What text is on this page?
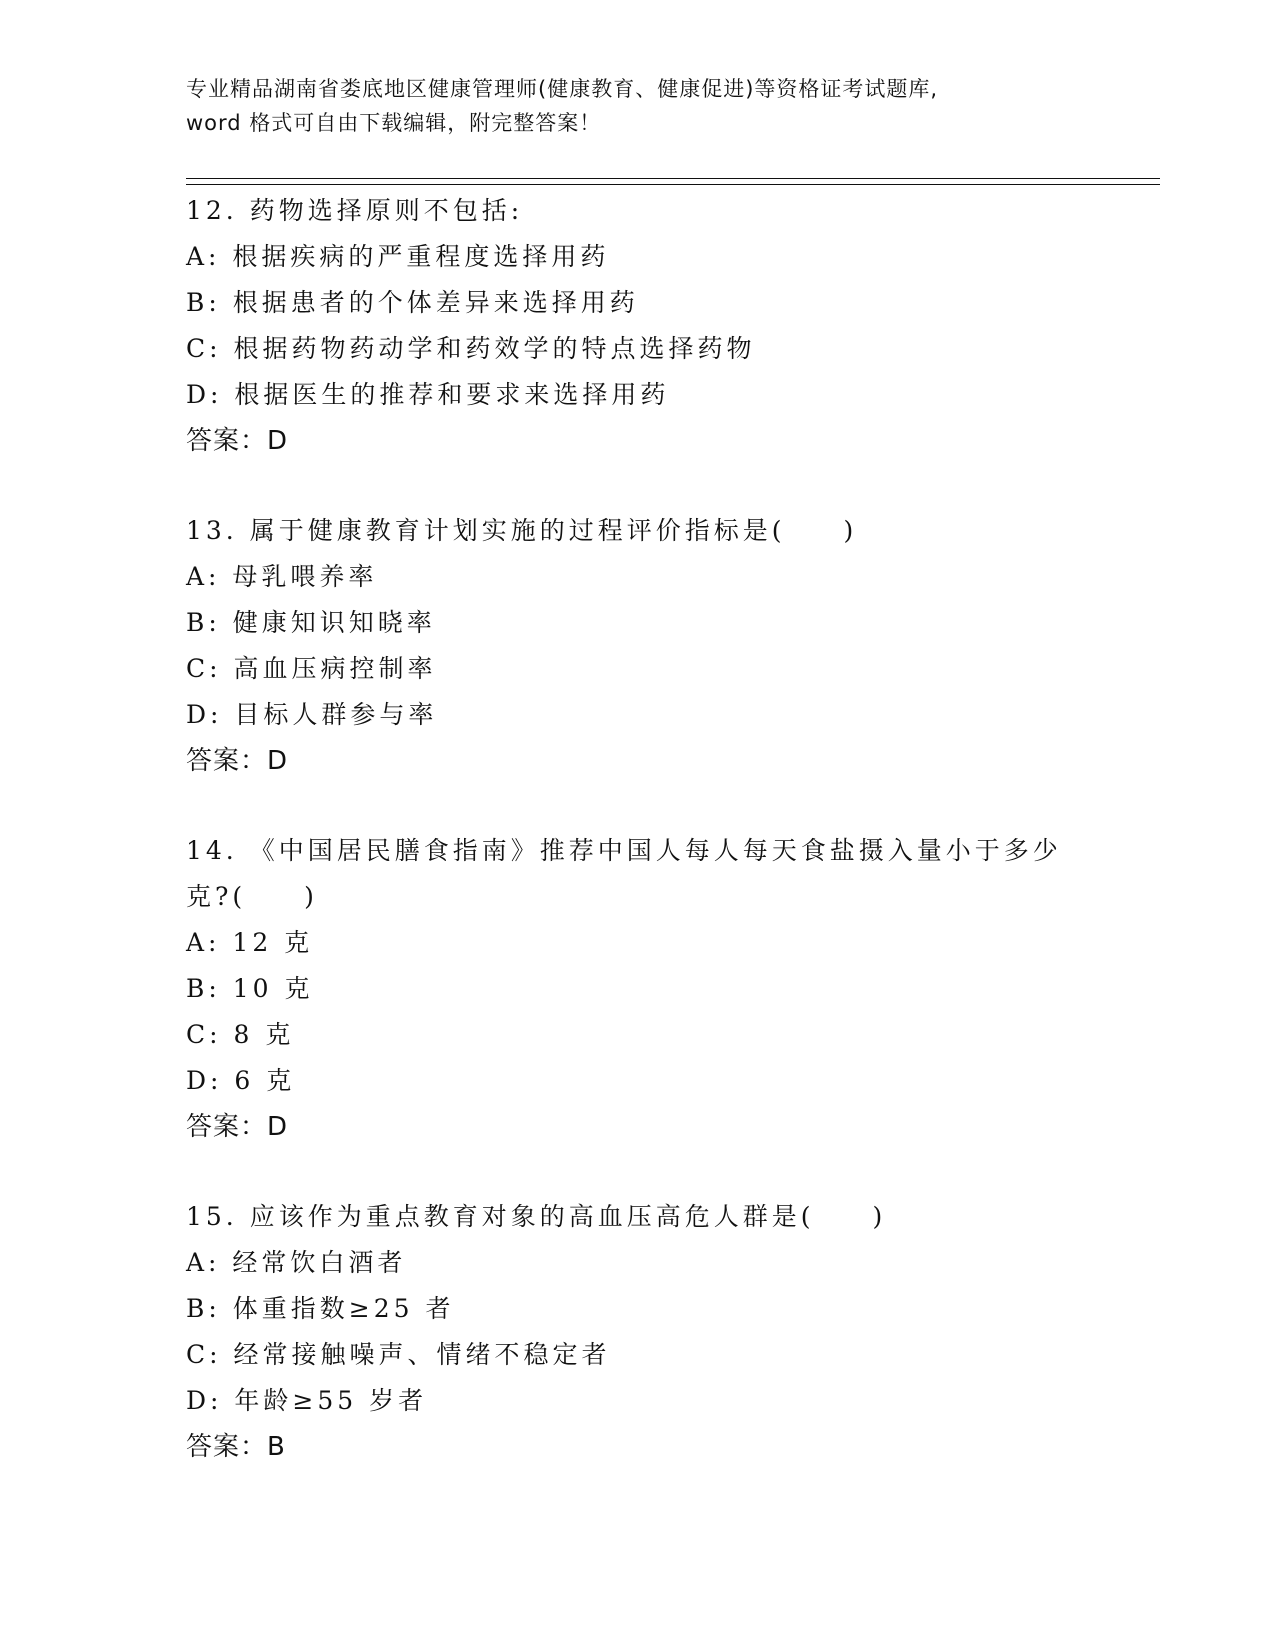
专业精品湖南省娄底地区健康管理师(健康教育、健康促进)等资格证考试题库,
word 格式可自由下载编辑，附完整答案！
12. 药物选择原则不包括:
A: 根据疾病的严重程度选择用药
B: 根据患者的个体差异来选择用药
C: 根据药物药动学和药效学的特点选择药物
D: 根据医生的推荐和要求来选择用药
答案：D
13. 属于健康教育计划实施的过程评价指标是(　　)
A: 母乳喂养率
B: 健康知识知晓率
C: 高血压病控制率
D: 目标人群参与率
答案：D
14. 《中国居民膳食指南》推荐中国人每人每天食盐摄入量小于多少克?(　　)
A: 12 克
B: 10 克
C: 8 克
D: 6 克
答案：D
15. 应该作为重点教育对象的高血压高危人群是(　　)
A: 经常饮白酒者
B: 体重指数≥25 者
C: 经常接触噪声、情绪不稳定者
D: 年龄≥55 岁者
答案：B
